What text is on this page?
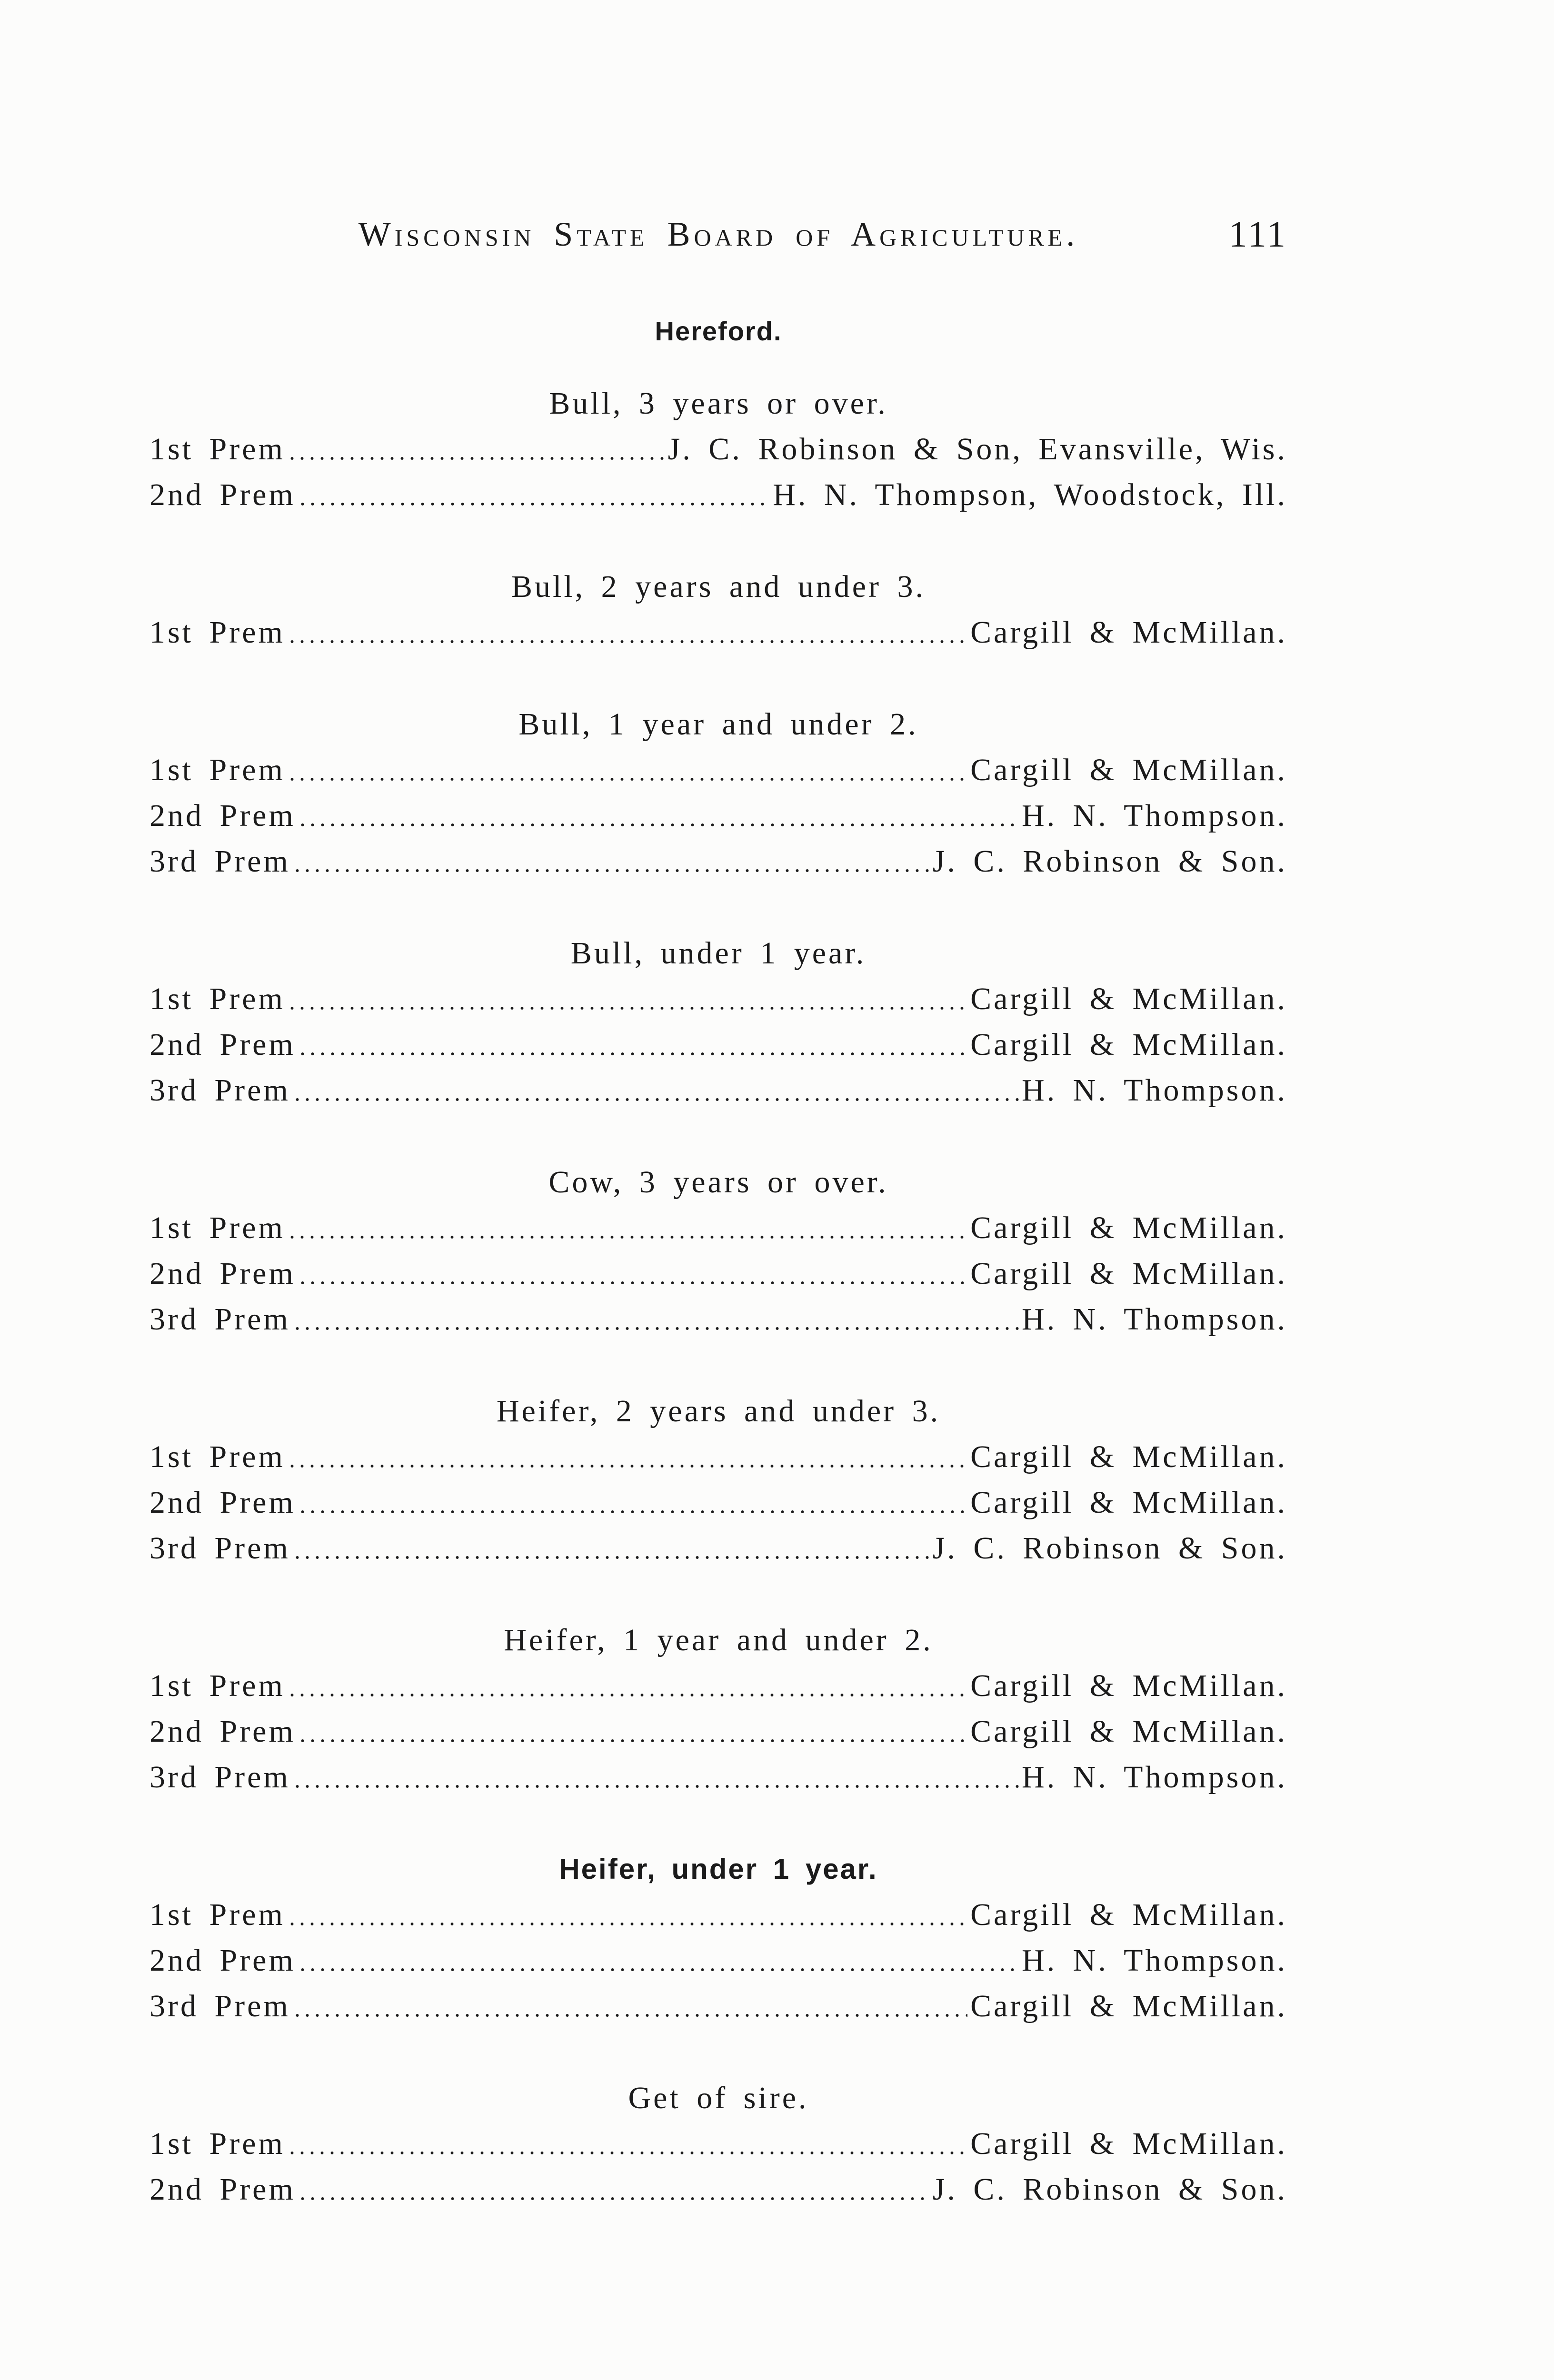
Wisconsin State Board of Agriculture.	111
Hereford.
Bull, 3 years or over.
1st Prem	J. C. Robinson & Son, Evansville, Wis.
2nd Prem	H. N. Thompson, Woodstock, Ill.
Bull, 2 years and under 3.
1st Prem	Cargill & McMillan.
Bull, 1 year and under 2.
1st Prem	Cargill & McMillan.
2nd Prem	H. N. Thompson.
3rd Prem	J. C. Robinson & Son.
Bull, under 1 year.
1st Prem	Cargill & McMillan.
2nd Prem	Cargill & McMillan.
3rd Prem	H. N. Thompson.
Cow, 3 years or over.
1st Prem	Cargill & McMillan.
2nd Prem	Cargill & McMillan.
3rd Prem	H. N. Thompson.
Heifer, 2 years and under 3.
1st Prem	Cargill & McMillan.
2nd Prem	Cargill & McMillan.
3rd Prem	J. C. Robinson & Son.
Heifer, 1 year and under 2.
1st Prem	Cargill & McMillan.
2nd Prem	Cargill & McMillan.
3rd Prem	H. N. Thompson.
Heifer, under 1 year.
1st Prem	Cargill & McMillan.
2nd Prem	H. N. Thompson.
3rd Prem	Cargill & McMillan.
Get of sire.
1st Prem	Cargill & McMillan.
2nd Prem	J. C. Robinson & Son.
